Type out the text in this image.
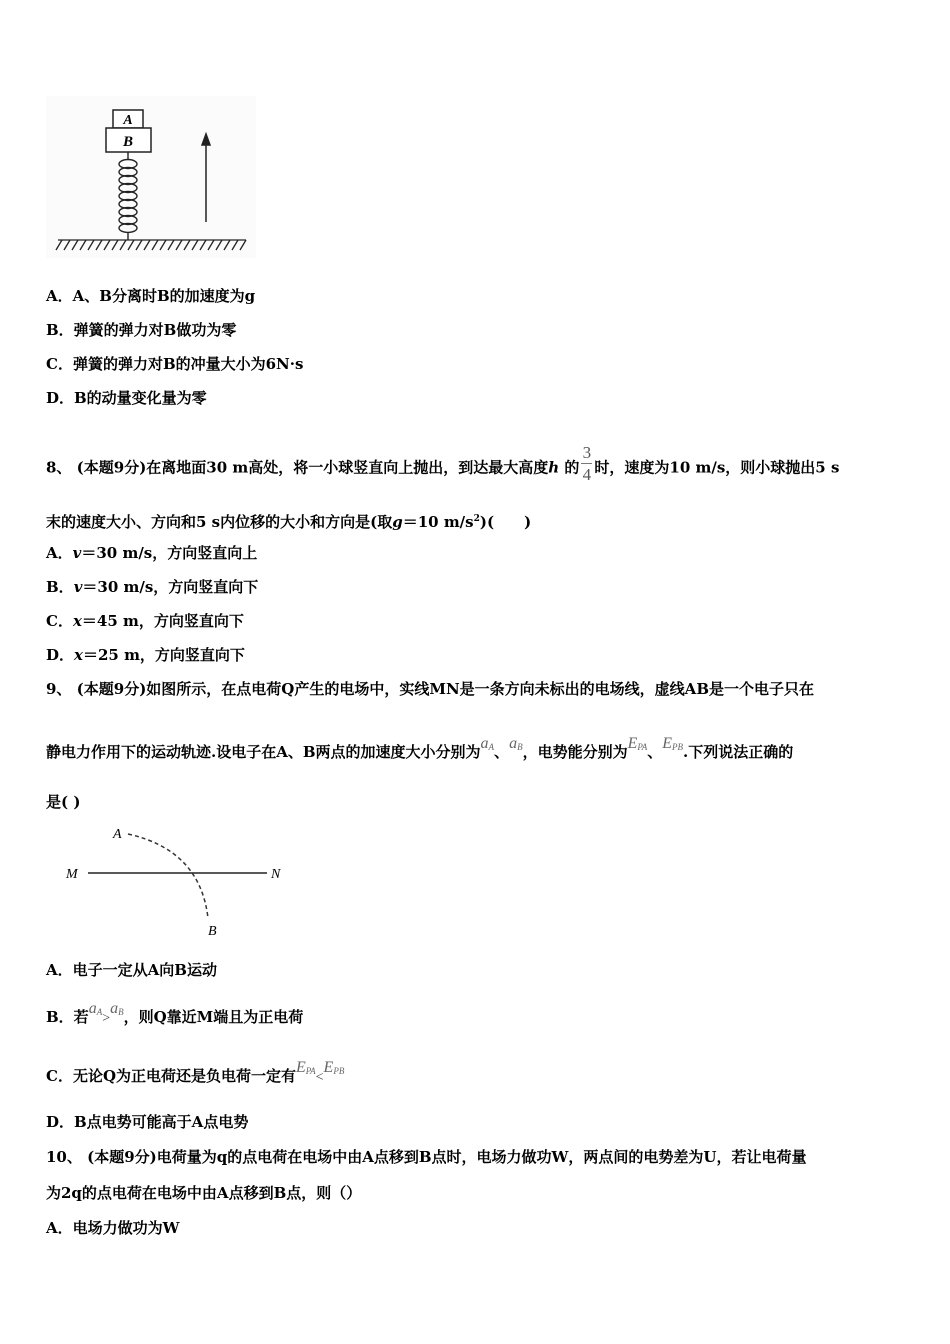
A
B
A．A、B分离时B的加速度为g
B．弹簧的弹力对B做功为零
C．弹簧的弹力对B的冲量大小为6N·s
D．B的动量变化量为零
8、 (本题9分)在离地面30 m高处，将一小球竖直向上抛出，到达最大高度h 的 $\frac{3}{4}$ 时，速度为10 m/s，则小球抛出5 s
末的速度大小、方向和5 s内位移的大小和方向是(取g＝10 $m/s^2$)(　　)
A．v＝30 m/s，方向竖直向上
B．v＝30 m/s，方向竖直向下
C．x＝45 m，方向竖直向下
D．x＝25 m，方向竖直向下
9、 (本题9分)如图所示，在点电荷Q产生的电场中，实线MN是一条方向未标出的电场线，虚线AB是一个电子只在
静电力作用下的运动轨迹.设电子在A、B两点的加速度大小分别为aA、aB，电势能分别为EPA、EPB.下列说法正确的
是( )
A
M	N
B
A．电子一定从A向B运动
B．若aA>aB，则Q靠近M端且为正电荷
C．无论Q为正电荷还是负电荷一定有EPA<EPB
D．B点电势可能高于A点电势
10、 (本题9分)电荷量为q的点电荷在电场中由A点移到B点时，电场力做功W，两点间的电势差为U，若让电荷量
为2q的点电荷在电场中由A点移到B点，则（）
A．电场力做功为W
